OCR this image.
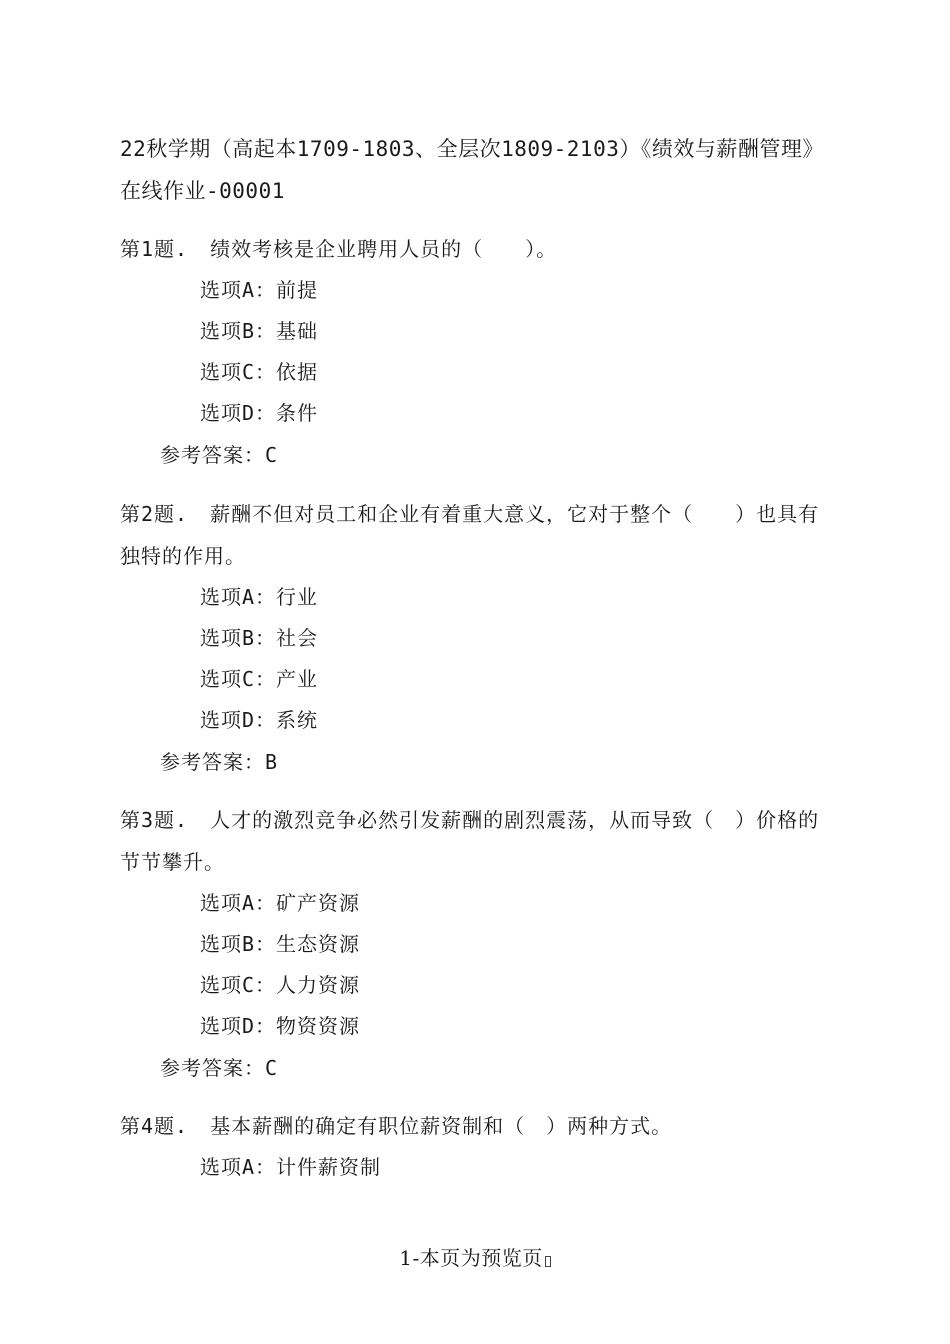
22秋学期（高起本1709-1803、全层次1809-2103）《绩效与薪酬管理》在线作业-00001
第1题. 绩效考核是企业聘用人员的（　　）。
选项A：前提
选项B：基础
选项C：依据
选项D：条件
参考答案：C
第2题. 薪酬不但对员工和企业有着重大意义，它对于整个（　　）也具有独特的作用。
选项A：行业
选项B：社会
选项C：产业
选项D：系统
参考答案：B
第3题. 人才的激烈竞争必然引发薪酬的剧烈震荡，从而导致（　）价格的节节攀升。
选项A：矿产资源
选项B：生态资源
选项C：人力资源
选项D：物资资源
参考答案：C
第4题. 基本薪酬的确定有职位薪资制和（　）两种方式。
选项A：计件薪资制
1-本页为预览页
